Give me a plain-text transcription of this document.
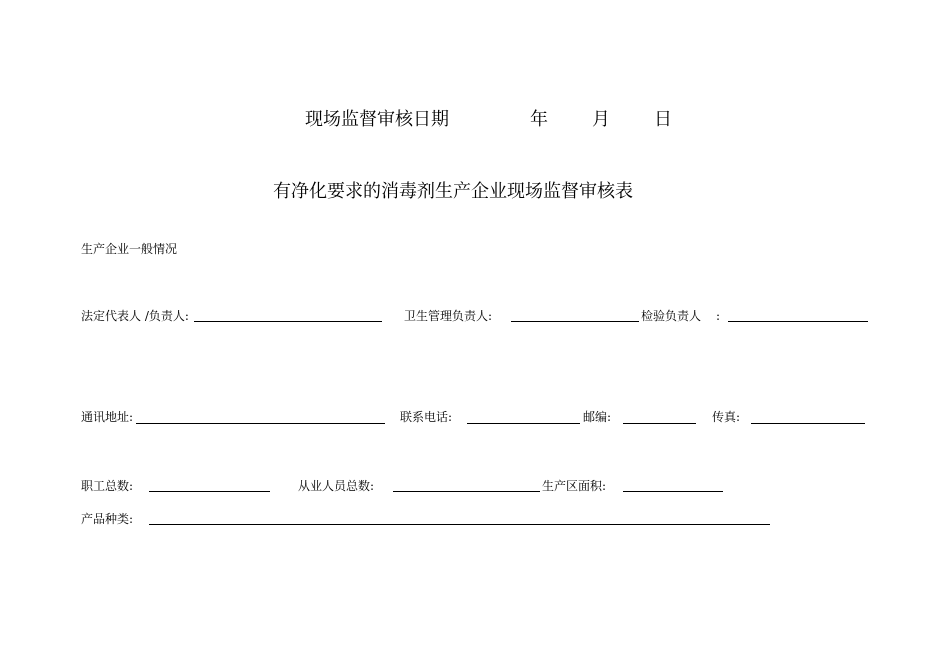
现场监督审核日期	年 月 日
有净化要求的消毒剂生产企业现场监督审核表
生产企业一般情况
法定代表人 /负责人:	卫生管理负责人:	检验负责人 :
通讯地址:	联系电话:	邮编:	传真:
职工总数:	从业人员总数:	生产区面积:
产品种类:
